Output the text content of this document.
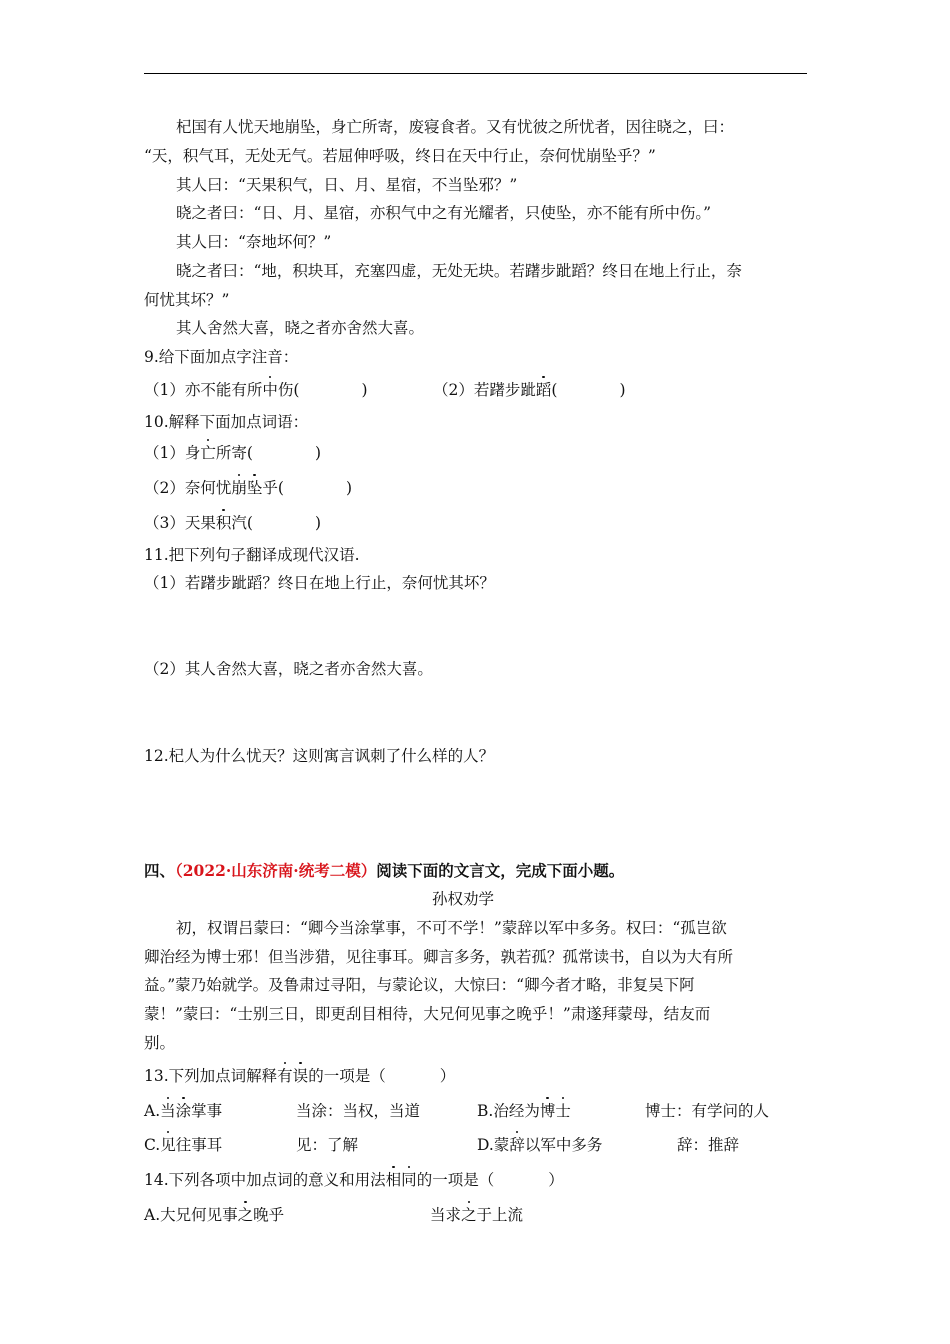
杞国有人忧天地崩坠，身亡所寄，废寝食者。又有忧彼之所忧者，因往晓之，曰：
“天，积气耳，无处无气。若屈伸呼吸，终日在天中行止，奈何忧崩坠乎？”
其人曰：“天果积气，日、月、星宿，不当坠邪？”
晓之者曰：“日、月、星宿，亦积气中之有光耀者，只使坠，亦不能有所中伤。”
其人曰：“奈地坏何？”
晓之者曰：“地，积块耳，充塞四虚，无处无块。若躇步跐蹈？终日在地上行止，奈
何忧其坏？”
其人舍然大喜，晓之者亦舍然大喜。
9.给下面加点字注音：
（1）亦不能有所中伤(	)	（2）若躇步跐蹈(	)
10.解释下面加点词语：
（1）身亡所寄(	)
（2）奈何忧崩坠乎(	)
（3）天果积汽(	)
11.把下列句子翻译成现代汉语.
（1）若躇步跐蹈？终日在地上行止，奈何忧其坏？
（2）其人舍然大喜，晓之者亦舍然大喜。
12.杞人为什么忧天？这则寓言讽刺了什么样的人？
四、（2022·山东济南·统考二模）阅读下面的文言文，完成下面小题。
孙权劝学
初，权谓吕蒙曰：“卿今当涂掌事，不可不学！”蒙辞以军中多务。权曰：“孤岂欲
卿治经为博士邪！但当涉猎，见往事耳。卿言多务，孰若孤？孤常读书，自以为大有所
益。”蒙乃始就学。及鲁肃过寻阳，与蒙论议，大惊曰：“卿今者才略，非复吴下阿
蒙！”蒙曰：“士别三日，即更刮目相待，大兄何见事之晚乎！”肃遂拜蒙母，结友而
别。
13.下列加点词解释有误的一项是（	）
A.当涂掌事	当涂：当权，当道	B.治经为博士	博士：有学问的人
C.见往事耳	见：了解	D.蒙辞以军中多务	辞：推辞
14.下列各项中加点词的意义和用法相同的一项是（	）
A.大兄何见事之晚乎	当求之于上流
